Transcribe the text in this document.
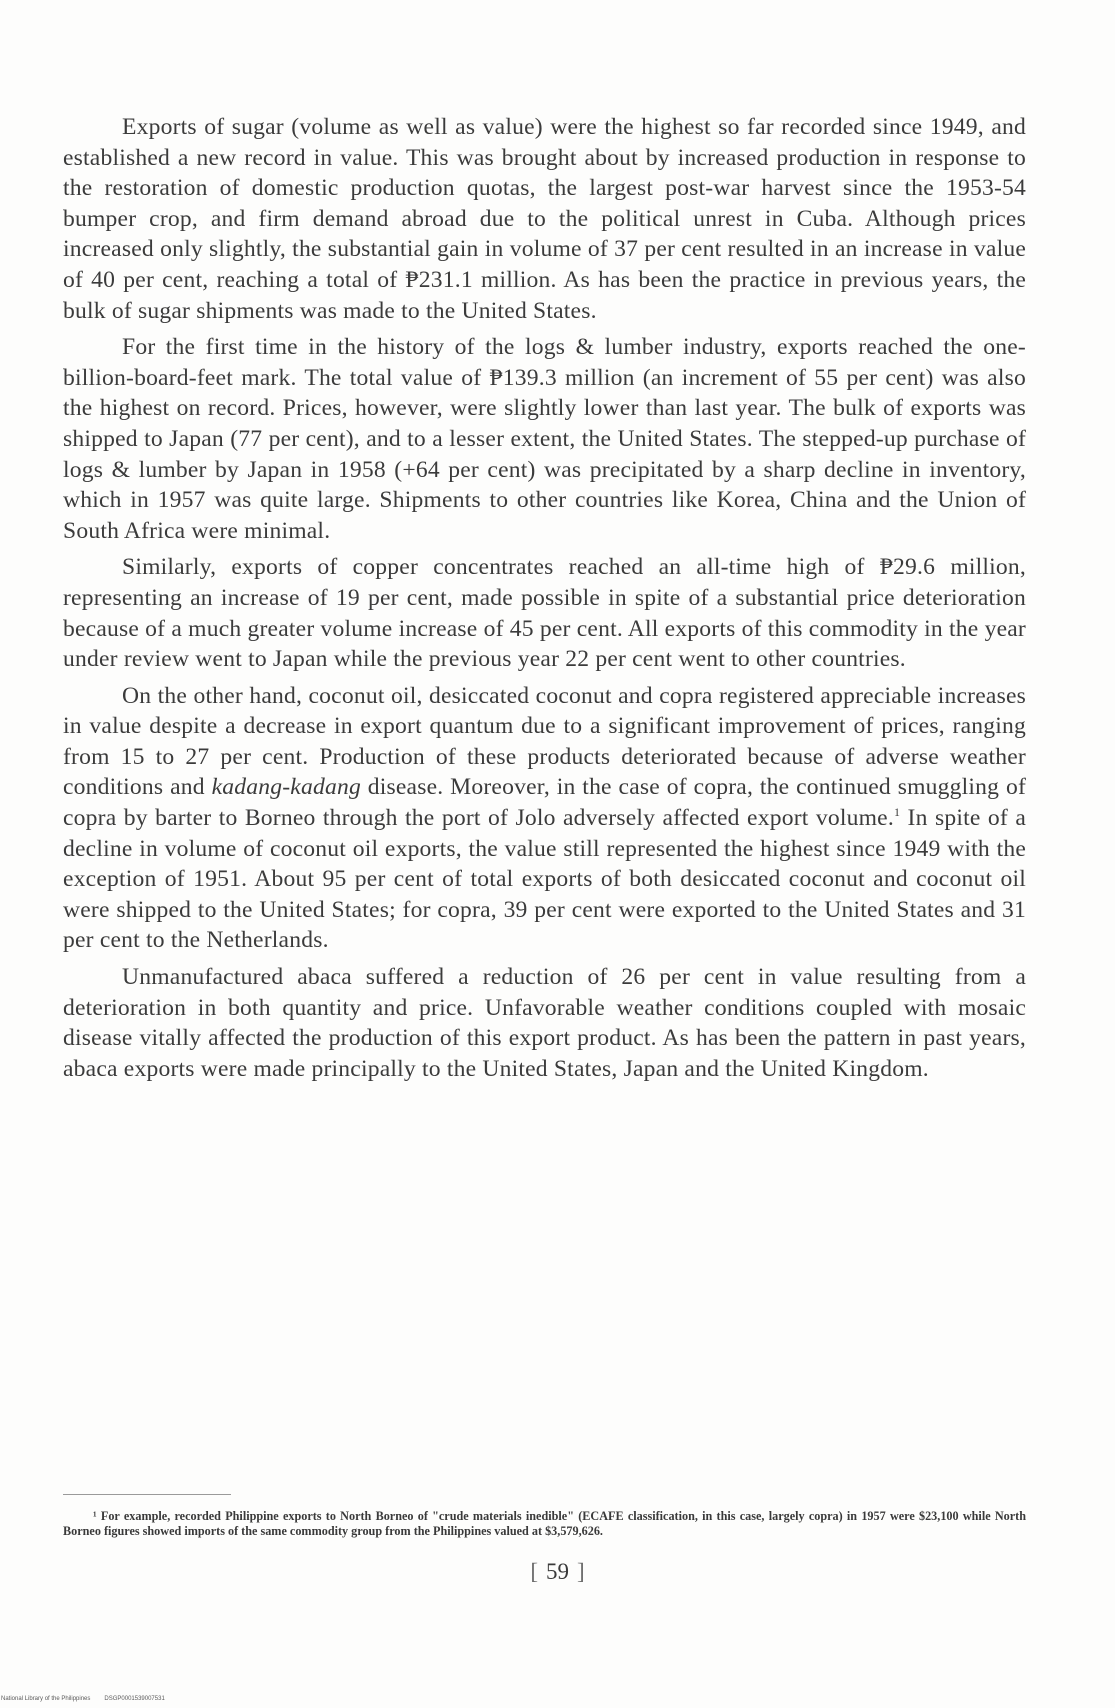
Exports of sugar (volume as well as value) were the highest so far recorded since 1949, and established a new record in value. This was brought about by increased production in response to the restoration of domestic production quotas, the largest post-war harvest since the 1953-54 bumper crop, and firm demand abroad due to the political unrest in Cuba. Although prices increased only slightly, the substantial gain in volume of 37 per cent resulted in an increase in value of 40 per cent, reaching a total of ₱231.1 million. As has been the practice in previous years, the bulk of sugar shipments was made to the United States.

For the first time in the history of the logs & lumber industry, exports reached the one-billion-board-feet mark. The total value of ₱139.3 million (an increment of 55 per cent) was also the highest on record. Prices, however, were slightly lower than last year. The bulk of exports was shipped to Japan (77 per cent), and to a lesser extent, the United States. The stepped-up purchase of logs & lumber by Japan in 1958 (+64 per cent) was precipitated by a sharp decline in inventory, which in 1957 was quite large. Shipments to other countries like Korea, China and the Union of South Africa were minimal.

Similarly, exports of copper concentrates reached an all-time high of ₱29.6 million, representing an increase of 19 per cent, made possible in spite of a substantial price deterioration because of a much greater volume increase of 45 per cent. All exports of this commodity in the year under review went to Japan while the previous year 22 per cent went to other countries.

On the other hand, coconut oil, desiccated coconut and copra registered appreciable increases in value despite a decrease in export quantum due to a significant improvement of prices, ranging from 15 to 27 per cent. Production of these products deteriorated because of adverse weather conditions and kadang-kadang disease. Moreover, in the case of copra, the continued smuggling of copra by barter to Borneo through the port of Jolo adversely affected export volume.$^1$ In spite of a decline in volume of coconut oil exports, the value still represented the highest since 1949 with the exception of 1951. About 95 per cent of total exports of both desiccated coconut and coconut oil were shipped to the United States; for copra, 39 per cent were exported to the United States and 31 per cent to the Netherlands.

Unmanufactured abaca suffered a reduction of 26 per cent in value resulting from a deterioration in both quantity and price. Unfavorable weather conditions coupled with mosaic disease vitally affected the production of this export product. As has been the pattern in past years, abaca exports were made principally to the United States, Japan and the United Kingdom.

¹ For example, recorded Philippine exports to North Borneo of "crude materials inedible" (ECAFE classification, in this case, largely copra) in 1957 were $23,100 while North Borneo figures showed imports of the same commodity group from the Philippines valued at $3,579,626.

[ 59 ]
National Library of the Philippines DSGP0001539007531
